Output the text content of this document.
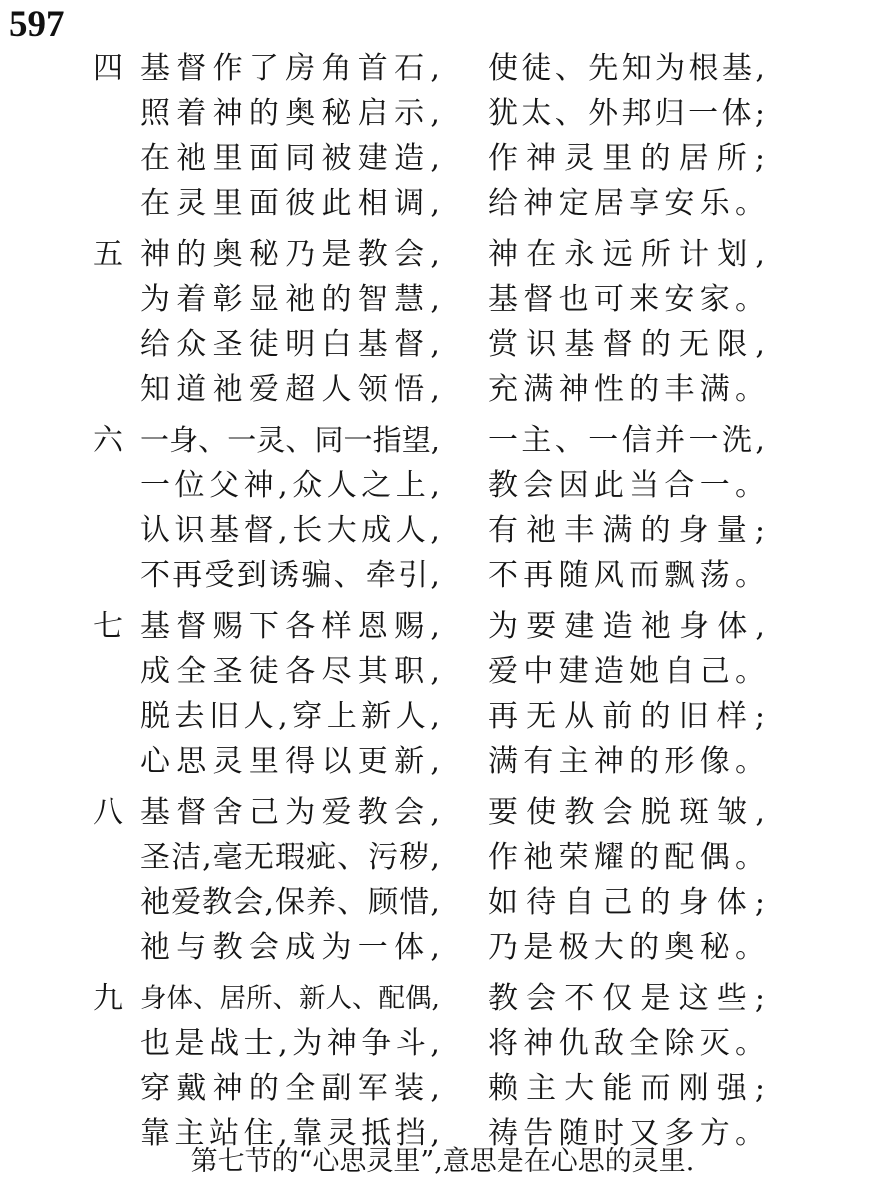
597
四 基 督 作 了 房 角 首 石 ,
照 着 神 的 奥 秘 启 示 ,
在 祂 里 面 同 被 建 造 ,
在 灵 里 面 彼 此 相 调 ,
使 徒 、 先 知 为 根 基 ,
犹 太 、 外 邦 归 一 体 ;
作 神 灵 里 的 居 所 ;
给 神 定 居 享 安 乐 。
五 神 的 奥 秘 乃 是 教 会 ,
为 着 彰 显 祂 的 智 慧 ,
给 众 圣 徒 明 白 基 督 ,
知 道 祂 爱 超 人 领 悟 ,
神 在 永 远 所 计 划 ,
基 督 也 可 来 安 家 。
赏 识 基 督 的 无 限 ,
充 满 神 性 的 丰 满 。
六 一 身 、 一 灵 、 同 一 指 望 ,
一 位 父 神 , 众 人 之 上 ,
认 识 基 督 , 长 大 成 人 ,
不 再 受 到 诱 骗 、 牵 引 ,
一 主 、 一 信 并 一 洗 ,
教 会 因 此 当 合 一 。
有 祂 丰 满 的 身 量 ;
不 再 随 风 而 飘 荡 。
七 基 督 赐 下 各 样 恩 赐 ,
成 全 圣 徒 各 尽 其 职 ,
脱 去 旧 人 , 穿 上 新 人 ,
心 思 灵 里 得 以 更 新 ,
为 要 建 造 祂 身 体 ,
爱 中 建 造 她 自 己 。
再 无 从 前 的 旧 样 ;
满 有 主 神 的 形 像 。
八 基 督 舍 己 为 爱 教 会 ,
圣 洁 , 毫 无 瑕 疵 、 污 秽 ,
祂 爱 教 会 , 保 养 、 顾 惜 ,
祂 与 教 会 成 为 一 体 ,
要 使 教 会 脱 斑 皱 ,
作 祂 荣 耀 的 配 偶 。
如 待 自 己 的 身 体 ;
乃 是 极 大 的 奥 秘 。
九 身 体 、 居 所 、 新 人 、 配 偶 ,
也 是 战 士 , 为 神 争 斗 ,
穿 戴 神 的 全 副 军 装 ,
靠 主 站 住 , 靠 灵 抵 挡 ,
教 会 不 仅 是 这 些 ;
将 神 仇 敌 全 除 灭 。
赖 主 大 能 而 刚 强 ;
祷 告 随 时 又 多 方 。
第七节的“心思灵里”,意思是在心思的灵里.
